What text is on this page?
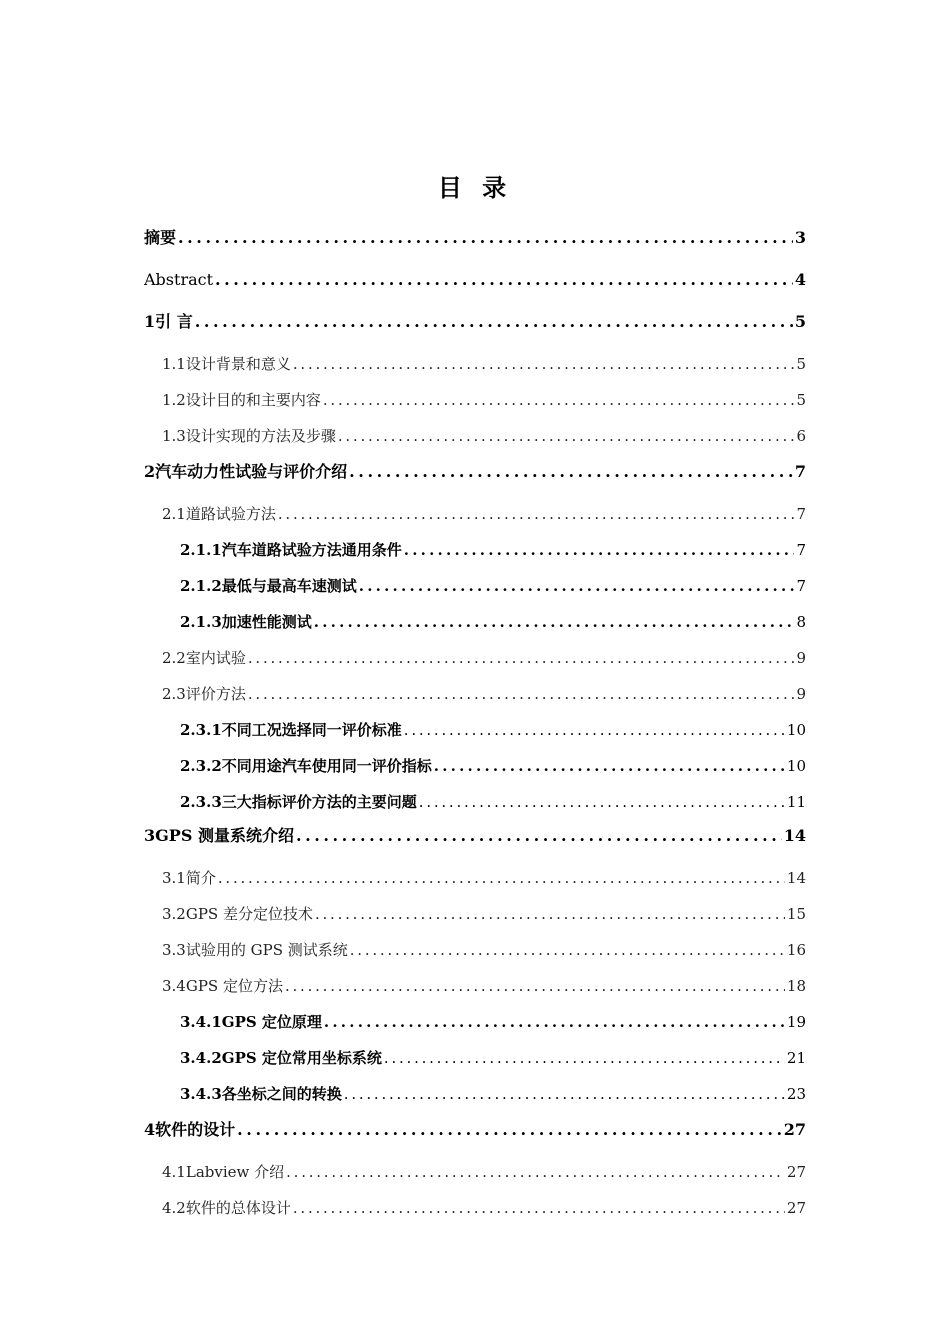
目 录
摘要 . . .	3
Abstract . . .	4
1 引 言 . . .	5
1.1 设计背景和意义 . . .	5
1.2 设计目的和主要内容 . . .	5
1.3 设计实现的方法及步骤 . . .	6
2 汽车动力性试验与评价介绍 . . .	7
2.1 道路试验方法 . . .	7
2.1.1 汽车道路试验方法通用条件 . . .	7
2.1.2 最低与最高车速测试 . . .	7
2.1.3 加速性能测试 . . .	8
2.2 室内试验 . . .	9
2.3 评价方法 . . .	9
2.3.1 不同工况选择同一评价标准 . . .	10
2.3.2 不同用途汽车使用同一评价指标 . . .	10
2.3.3 三大指标评价方法的主要问题 . . .	11
3 GPS 测量系统介绍 . . .	14
3.1 简介 . . .	14
3.2 GPS 差分定位技术 . . .	15
3.3 试验用的 GPS 测试系统 . . .	16
3.4 GPS 定位方法 . . .	18
3.4.1 GPS 定位原理 . . .	19
3.4.2 GPS 定位常用坐标系统 . . .	21
3.4.3 各坐标之间的转换 . . .	23
4 软件的设计 . . .	27
4.1 Labview 介绍 . . .	27
4.2 软件的总体设计 . . .	27
